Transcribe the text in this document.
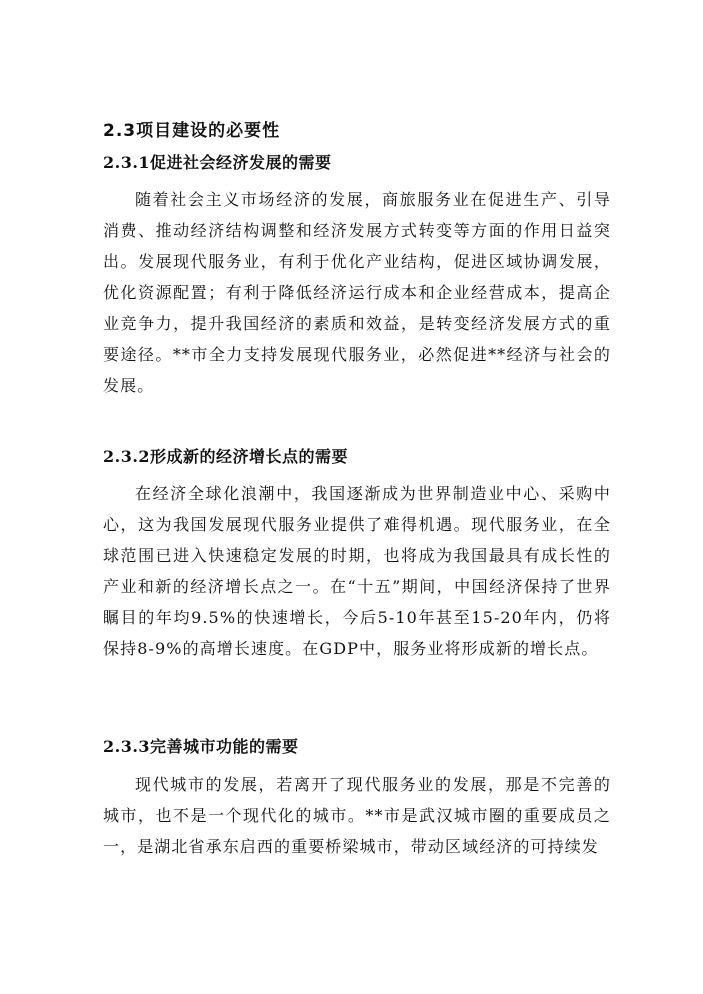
2.3项目建设的必要性
2.3.1促进社会经济发展的需要

随着社会主义市场经济的发展，商旅服务业在促进生产、引导消费、推动经济结构调整和经济发展方式转变等方面的作用日益突出。发展现代服务业，有利于优化产业结构，促进区域协调发展，优化资源配置；有利于降低经济运行成本和企业经营成本，提高企业竞争力，提升我国经济的素质和效益，是转变经济发展方式的重要途径。**市全力支持发展现代服务业，必然促进**经济与社会的发展。

2.3.2形成新的经济增长点的需要

在经济全球化浪潮中，我国逐渐成为世界制造业中心、采购中心，这为我国发展现代服务业提供了难得机遇。现代服务业，在全球范围已进入快速稳定发展的时期，也将成为我国最具有成长性的产业和新的经济增长点之一。在“十五”期间，中国经济保持了世界瞩目的年均9.5%的快速增长，今后5-10年甚至15-20年内，仍将保持8-9%的高增长速度。在GDP中，服务业将形成新的增长点。

2.3.3完善城市功能的需要

现代城市的发展，若离开了现代服务业的发展，那是不完善的城市，也不是一个现代化的城市。**市是武汉城市圈的重要成员之一，是湖北省承东启西的重要桥梁城市，带动区域经济的可持续发
